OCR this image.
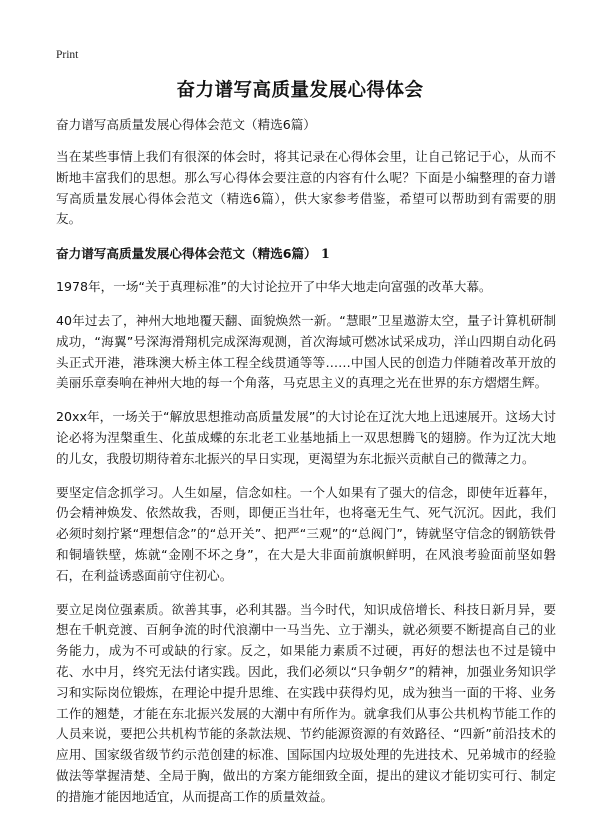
Print
奋力谱写高质量发展心得体会
奋力谱写高质量发展心得体会范文（精选6篇）

当在某些事情上我们有很深的体会时，将其记录在心得体会里，让自己铭记于心，从而不断地丰富我们的思想。那么写心得体会要注意的内容有什么呢？下面是小编整理的奋力谱写高质量发展心得体会范文（精选6篇），供大家参考借鉴，希望可以帮助到有需要的朋友。

奋力谱写高质量发展心得体会范文（精选6篇） 1

1978年，一场“关于真理标准”的大讨论拉开了中华大地走向富强的改革大幕。

40年过去了，神州大地地覆天翻、面貌焕然一新。“慧眼”卫星遨游太空，量子计算机研制成功，“海翼”号深海滑翔机完成深海观测，首次海域可燃冰试采成功，洋山四期自动化码头正式开港，港珠澳大桥主体工程全线贯通等等……中国人民的创造力伴随着改革开放的美丽乐章奏响在神州大地的每一个角落，马克思主义的真理之光在世界的东方熠熠生辉。

20xx年，一场关于“解放思想推动高质量发展”的大讨论在辽沈大地上迅速展开。这场大讨论必将为涅槃重生、化茧成蝶的东北老工业基地插上一双思想腾飞的翅膀。作为辽沈大地的儿女，我殷切期待着东北振兴的早日实现，更渴望为东北振兴贡献自己的微薄之力。

要坚定信念抓学习。人生如屋，信念如柱。一个人如果有了强大的信念，即使年近暮年，仍会精神焕发、依然故我，否则，即便正当壮年，也将毫无生气、死气沉沉。因此，我们必须时刻拧紧“理想信念”的“总开关”、把严“三观”的“总阀门”，铸就坚守信念的钢筋铁骨和铜墙铁壁，炼就“金刚不坏之身”，在大是大非面前旗帜鲜明，在风浪考验面前坚如磐石，在利益诱惑面前守住初心。

要立足岗位强素质。欲善其事，必利其器。当今时代，知识成倍增长、科技日新月异，要想在千帆竞渡、百舸争流的时代浪潮中一马当先、立于潮头，就必须要不断提高自己的业务能力，成为不可或缺的行家。反之，如果能力素质不过硬，再好的想法也不过是镜中花、水中月，终究无法付诸实践。因此，我们必须以“只争朝夕”的精神，加强业务知识学习和实际岗位锻炼，在理论中提升思维、在实践中获得灼见，成为独当一面的干将、业务工作的翘楚，才能在东北振兴发展的大潮中有所作为。就拿我们从事公共机构节能工作的人员来说，要把公共机构节能的条款法规、节约能源资源的有效路径、“四新”前沿技术的应用、国家级省级节约示范创建的标准、国际国内垃圾处理的先进技术、兄弟城市的经验做法等掌握清楚、全局于胸，做出的方案方能细致全面，提出的建议才能切实可行、制定的措施才能因地适宜，从而提高工作的质量效益。
